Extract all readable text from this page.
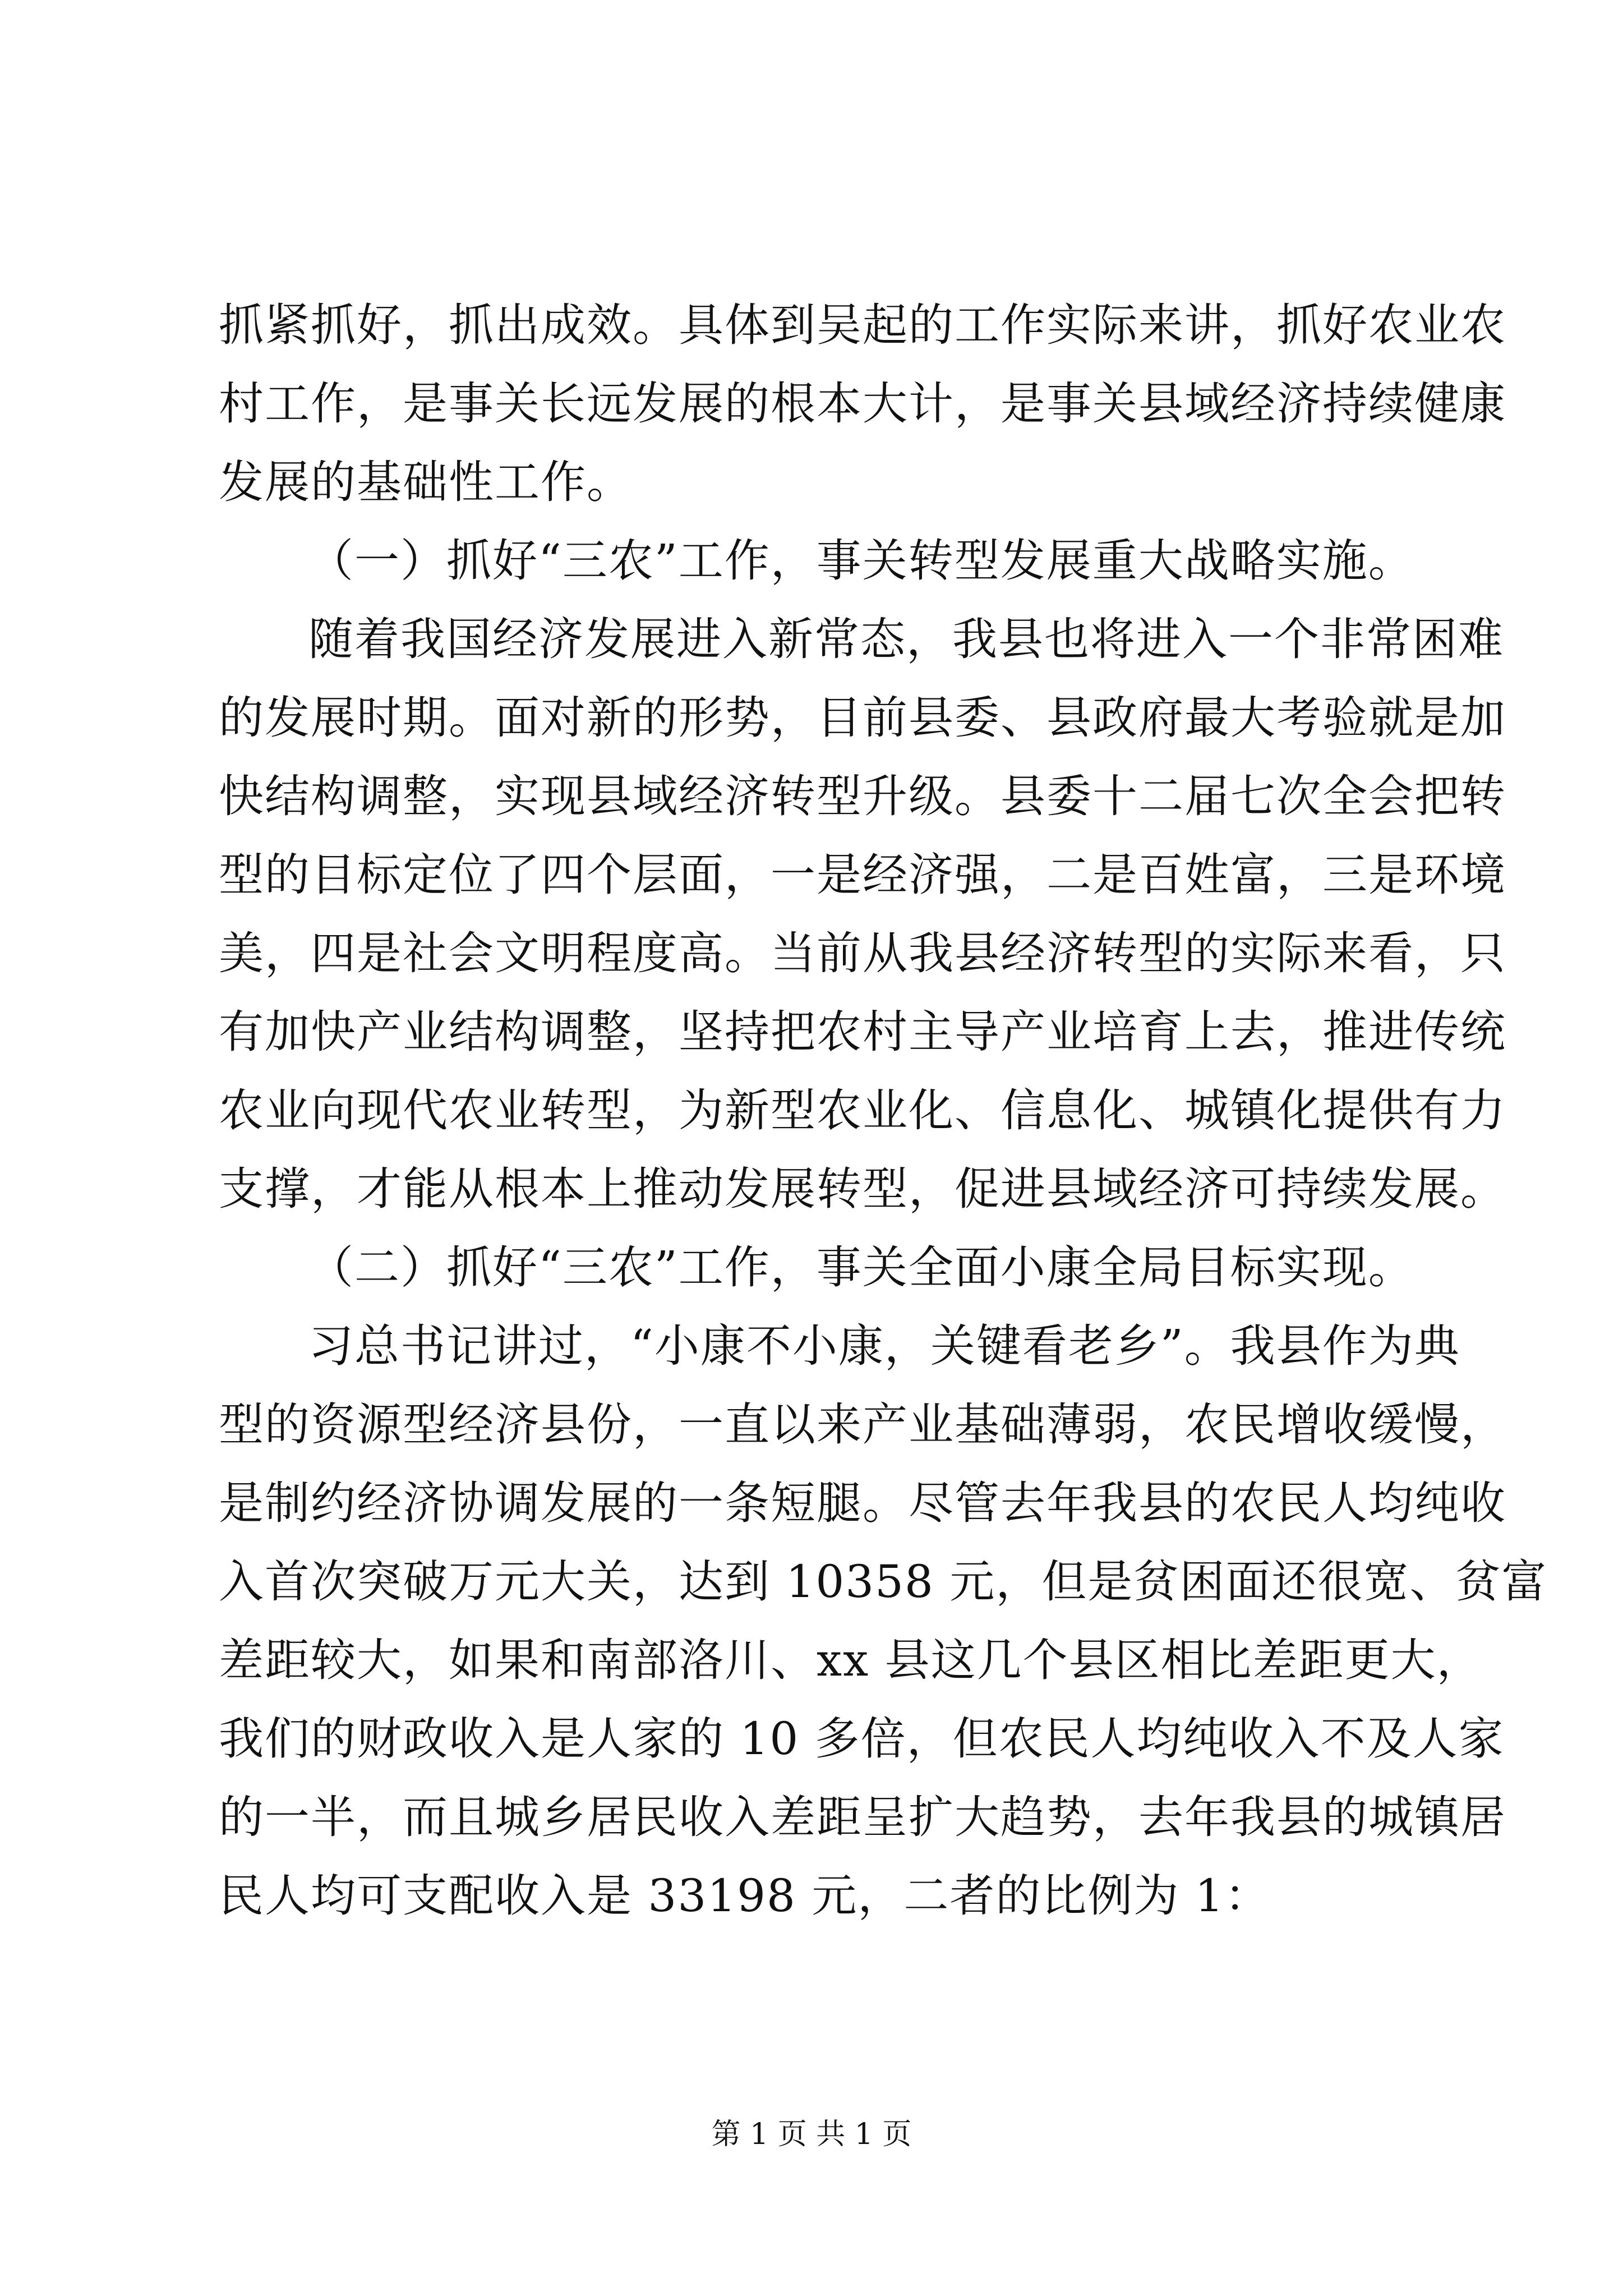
抓紧抓好，抓出成效。具体到吴起的工作实际来讲，抓好农业农
村工作，是事关长远发展的根本大计，是事关县域经济持续健康
发展的基础性工作。
（一）抓好“三农”工作，事关转型发展重大战略实施。
随着我国经济发展进入新常态，我县也将进入一个非常困难
的发展时期。面对新的形势，目前县委、县政府最大考验就是加
快结构调整，实现县域经济转型升级。县委十二届七次全会把转
型的目标定位了四个层面，一是经济强，二是百姓富，三是环境
美，四是社会文明程度高。当前从我县经济转型的实际来看，只
有加快产业结构调整，坚持把农村主导产业培育上去，推进传统
农业向现代农业转型，为新型农业化、信息化、城镇化提供有力
支撑，才能从根本上推动发展转型，促进县域经济可持续发展。
（二）抓好“三农”工作，事关全面小康全局目标实现。
习总书记讲过，“小康不小康，关键看老乡”。我县作为典
型的资源型经济县份，一直以来产业基础薄弱，农民增收缓慢，
是制约经济协调发展的一条短腿。尽管去年我县的农民人均纯收
入首次突破万元大关，达到 10358 元，但是贫困面还很宽、贫富
差距较大，如果和南部洛川、xx 县这几个县区相比差距更大，
我们的财政收入是人家的 10 多倍，但农民人均纯收入不及人家
的一半，而且城乡居民收入差距呈扩大趋势，去年我县的城镇居
民人均可支配收入是 33198 元，二者的比例为 1：
第 1 页 共 1 页
